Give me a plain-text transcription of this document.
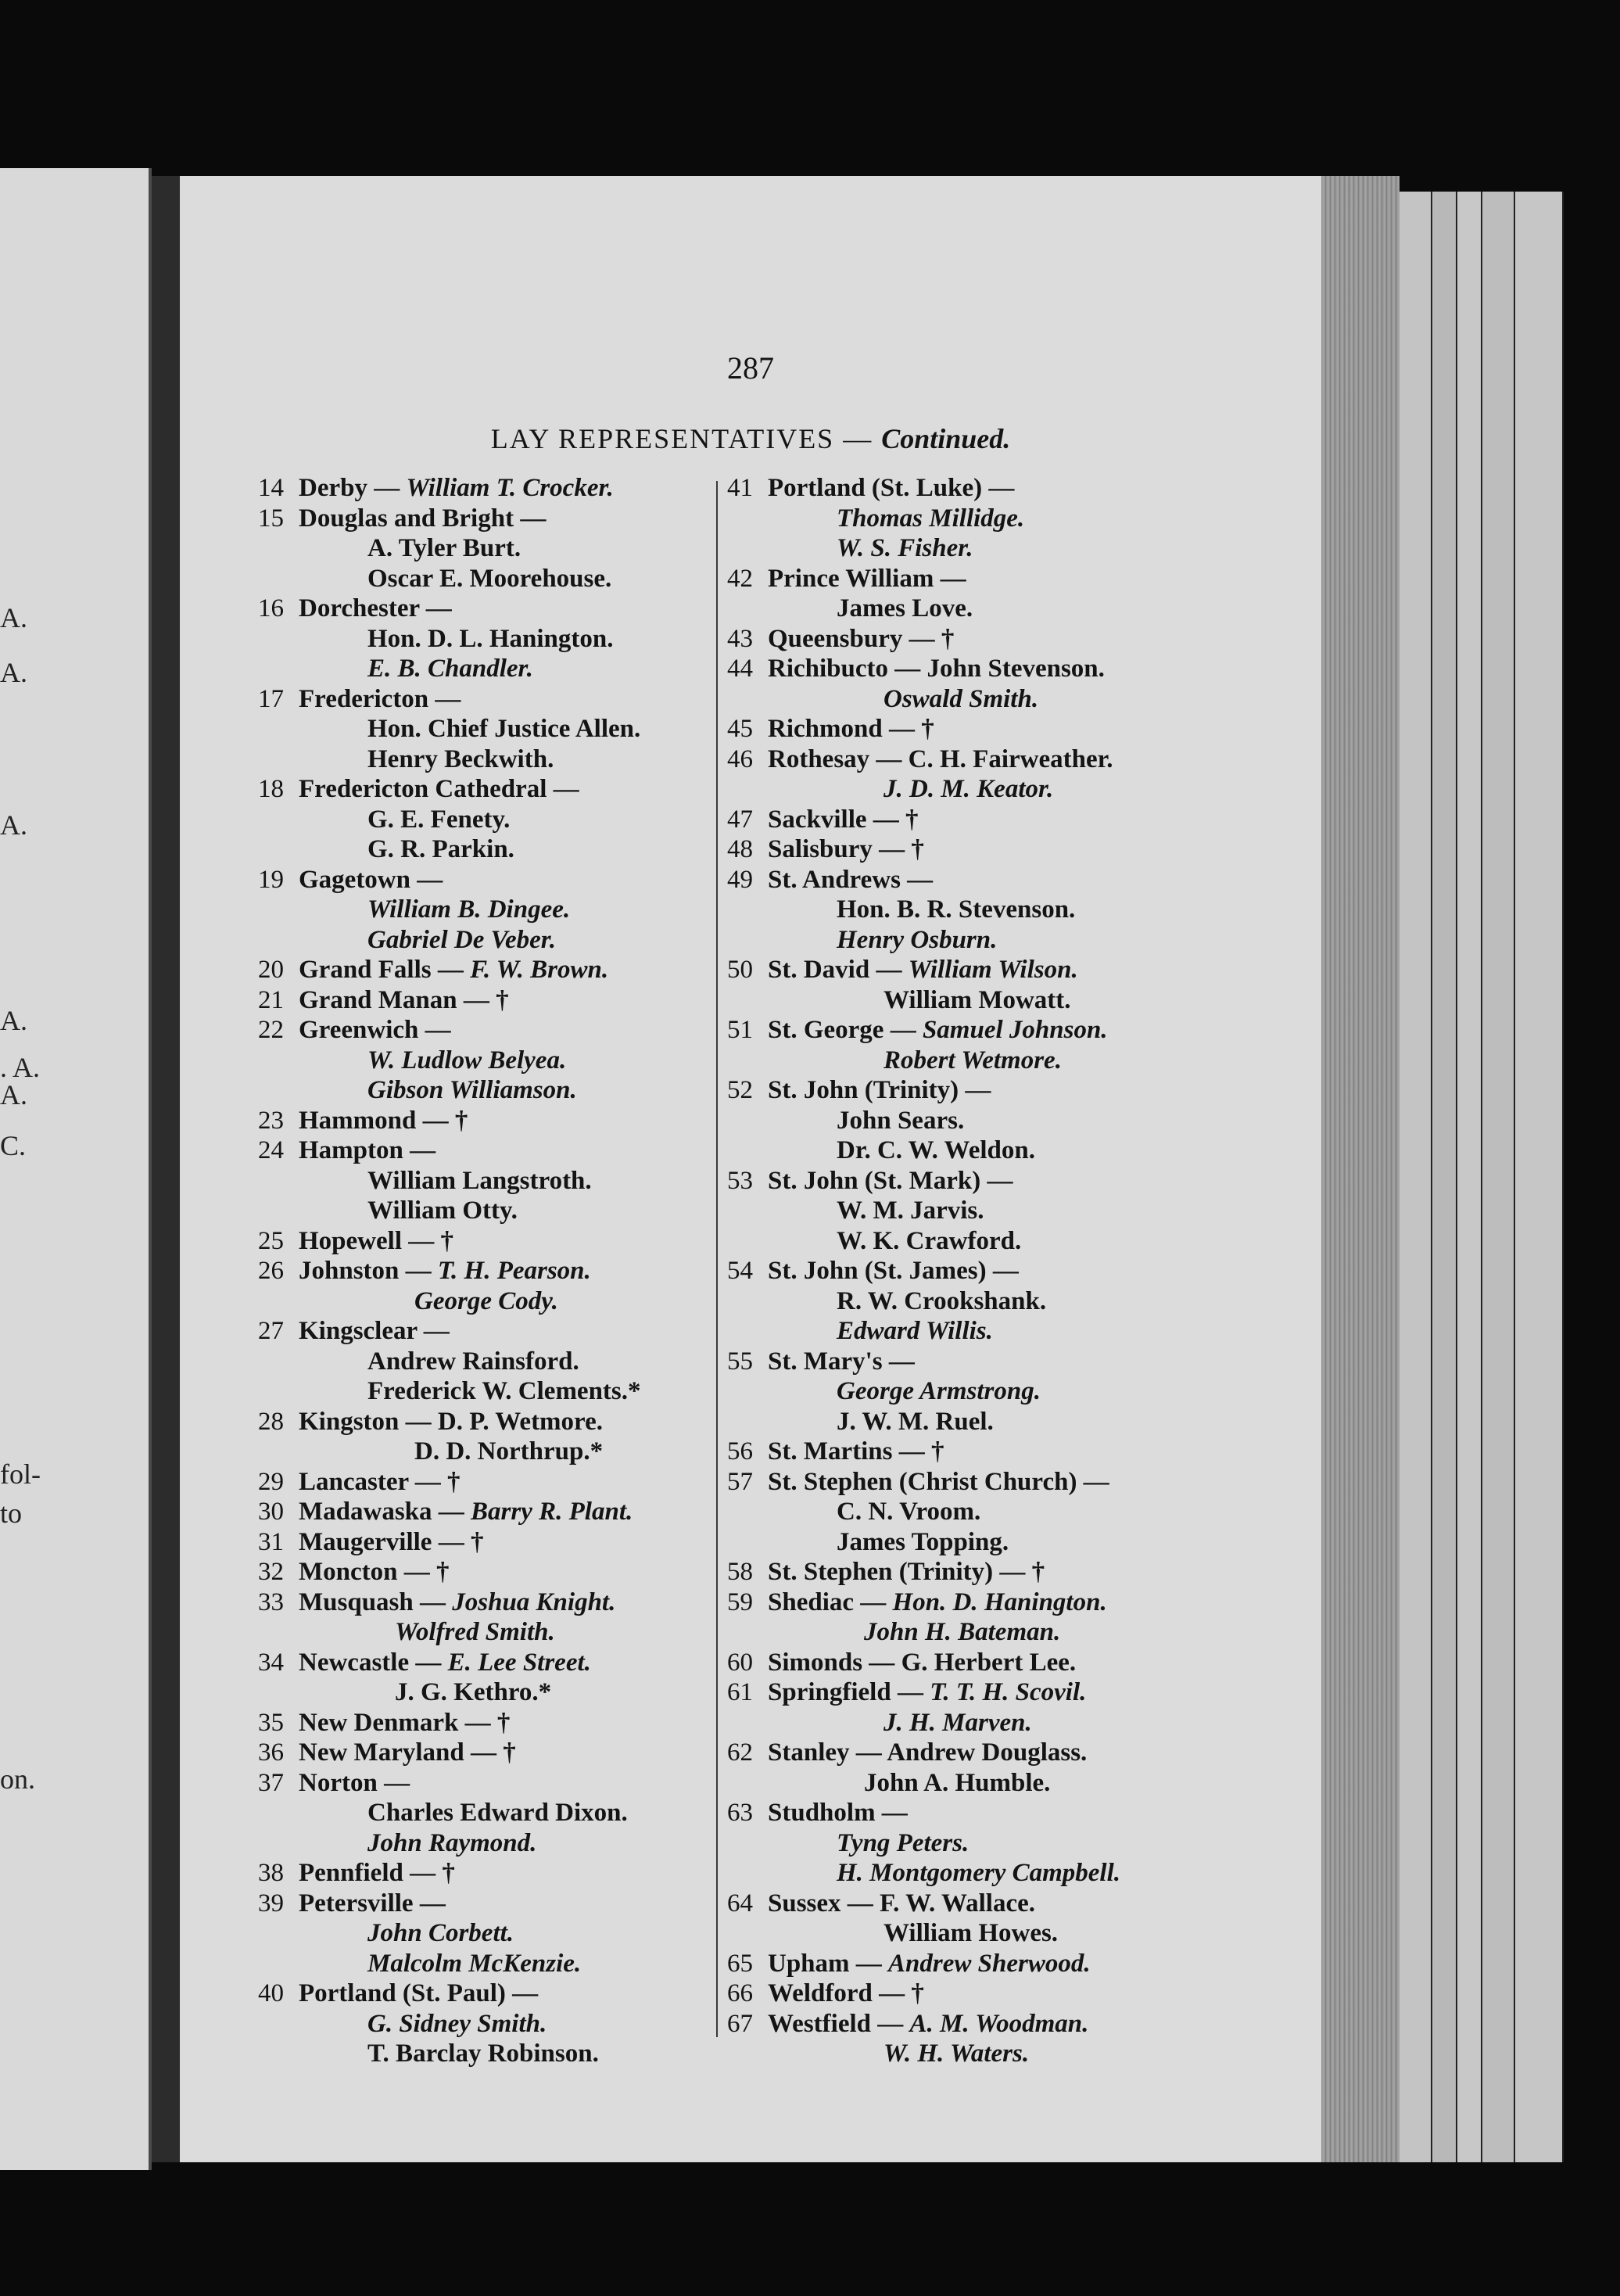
A.
A.
A.
A.
. A.
A.
C.
fol-
to
on.
287
LAY REPRESENTATIVES — Continued.
14 Derby — William T. Crocker.
15 Douglas and Bright —
A. Tyler Burt.
Oscar E. Moorehouse.
16 Dorchester —
Hon. D. L. Hanington.
E. B. Chandler.
17 Fredericton —
Hon. Chief Justice Allen.
Henry Beckwith.
18 Fredericton Cathedral —
G. E. Fenety.
G. R. Parkin.
19 Gagetown —
William B. Dingee.
Gabriel De Veber.
20 Grand Falls — F. W. Brown.
21 Grand Manan — †
22 Greenwich —
W. Ludlow Belyea.
Gibson Williamson.
23 Hammond — †
24 Hampton —
William Langstroth.
William Otty.
25 Hopewell — †
26 Johnston — T. H. Pearson.
George Cody.
27 Kingsclear —
Andrew Rainsford.
Frederick W. Clements.*
28 Kingston — D. P. Wetmore.
D. D. Northrup.*
29 Lancaster — †
30 Madawaska — Barry R. Plant.
31 Maugerville — †
32 Moncton — †
33 Musquash — Joshua Knight.
Wolfred Smith.
34 Newcastle — E. Lee Street.
J. G. Kethro.*
35 New Denmark — †
36 New Maryland — †
37 Norton —
Charles Edward Dixon.
John Raymond.
38 Pennfield — †
39 Petersville —
John Corbett.
Malcolm McKenzie.
40 Portland (St. Paul) —
G. Sidney Smith.
T. Barclay Robinson.
41 Portland (St. Luke) —
Thomas Millidge.
W. S. Fisher.
42 Prince William —
James Love.
43 Queensbury — †
44 Richibucto — John Stevenson.
Oswald Smith.
45 Richmond — †
46 Rothesay — C. H. Fairweather.
J. D. M. Keator.
47 Sackville — †
48 Salisbury — †
49 St. Andrews —
Hon. B. R. Stevenson.
Henry Osburn.
50 St. David — William Wilson.
William Mowatt.
51 St. George — Samuel Johnson.
Robert Wetmore.
52 St. John (Trinity) —
John Sears.
Dr. C. W. Weldon.
53 St. John (St. Mark) —
W. M. Jarvis.
W. K. Crawford.
54 St. John (St. James) —
R. W. Crookshank.
Edward Willis.
55 St. Mary's —
George Armstrong.
J. W. M. Ruel.
56 St. Martins — †
57 St. Stephen (Christ Church) —
C. N. Vroom.
James Topping.
58 St. Stephen (Trinity) — †
59 Shediac — Hon. D. Hanington.
John H. Bateman.
60 Simonds — G. Herbert Lee.
61 Springfield — T. T. H. Scovil.
J. H. Marven.
62 Stanley — Andrew Douglass.
John A. Humble.
63 Studholm —
Tyng Peters.
H. Montgomery Campbell.
64 Sussex — F. W. Wallace.
William Howes.
65 Upham — Andrew Sherwood.
66 Weldford — †
67 Westfield — A. M. Woodman.
W. H. Waters.
